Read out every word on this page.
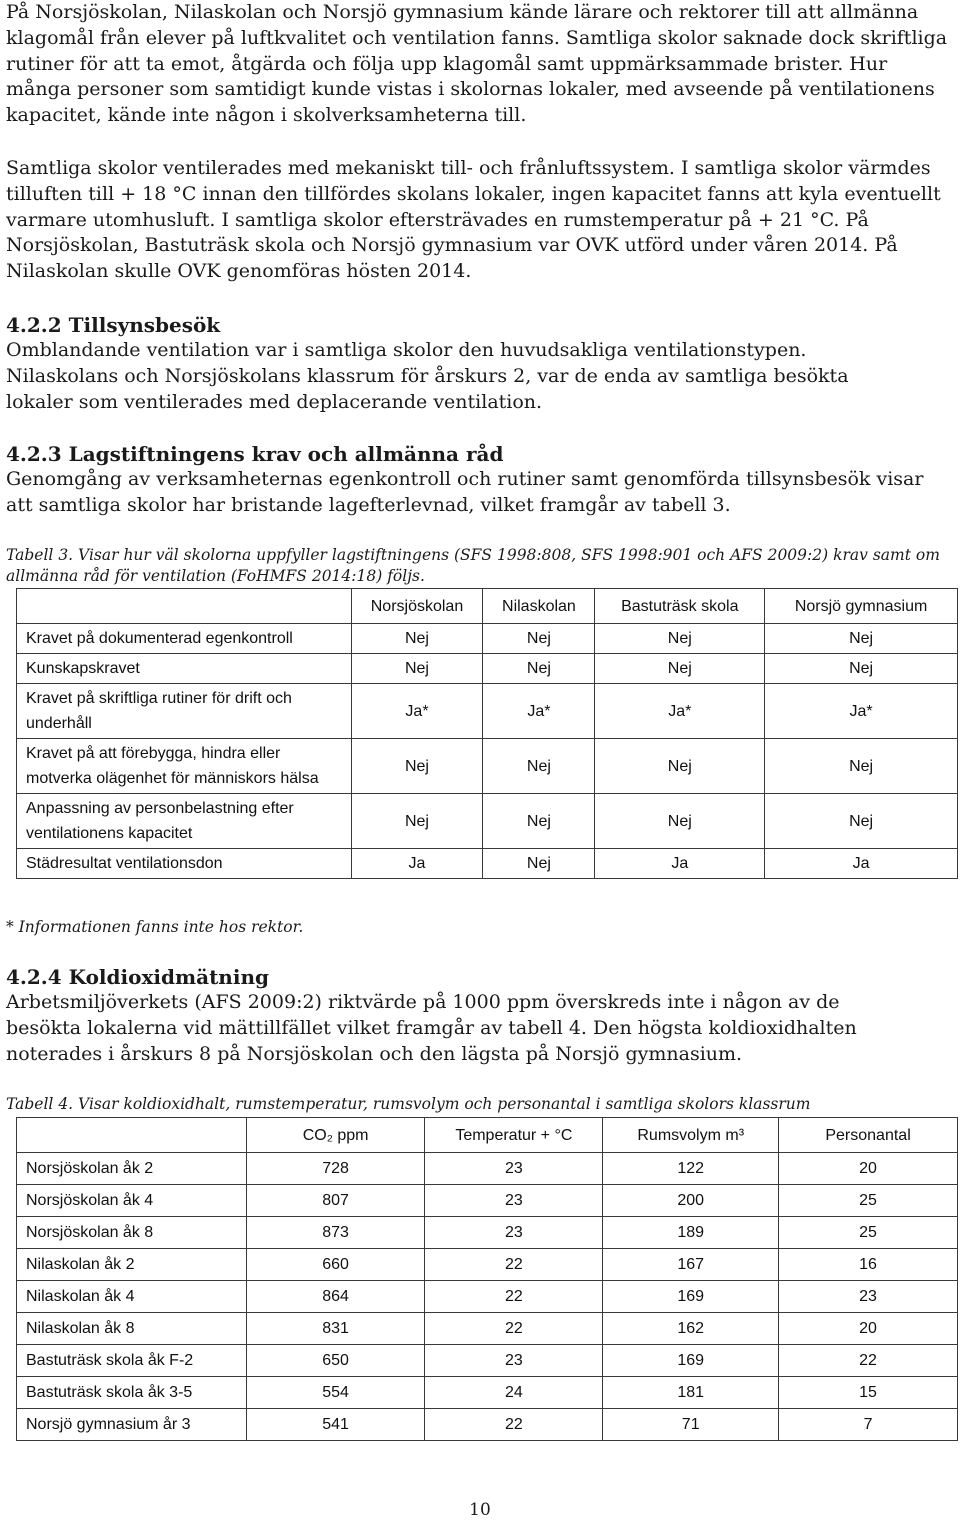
På Norsjöskolan, Nilaskolan och Norsjö gymnasium kände lärare och rektorer till att allmänna klagomål från elever på luftkvalitet och ventilation fanns. Samtliga skolor saknade dock skriftliga rutiner för att ta emot, åtgärda och följa upp klagomål samt uppmärksammade brister. Hur många personer som samtidigt kunde vistas i skolornas lokaler, med avseende på ventilationens kapacitet, kände inte någon i skolverksamheterna till.

Samtliga skolor ventilerades med mekaniskt till- och frånluftssystem. I samtliga skolor värmdes tilluften till + 18 °C innan den tillfördes skolans lokaler, ingen kapacitet fanns att kyla eventuellt varmare utomhusluft. I samtliga skolor eftersträvades en rumstemperatur på + 21 °C. På Norsjöskolan, Bastuträsk skola och Norsjö gymnasium var OVK utförd under våren 2014. På Nilaskolan skulle OVK genomföras hösten 2014.

4.2.2 Tillsynsbesök

Omblandande ventilation var i samtliga skolor den huvudsakliga ventilationstypen. Nilaskolans och Norsjöskolans klassrum för årskurs 2, var de enda av samtliga besökta lokaler som ventilerades med deplacerande ventilation.

4.2.3 Lagstiftningens krav och allmänna råd

Genomgång av verksamheternas egenkontroll och rutiner samt genomförda tillsynsbesök visar att samtliga skolor har bristande lagefterlevnad, vilket framgår av tabell 3.

Tabell 3. Visar hur väl skolorna uppfyller lagstiftningens (SFS 1998:808, SFS 1998:901 och AFS 2009:2) krav samt om allmänna råd för ventilation (FoHMFS 2014:18) följs.

	Norsjöskolan	Nilaskolan	Bastuträsk skola	Norsjö gymnasium
Kravet på dokumenterad egenkontroll	Nej	Nej	Nej	Nej
Kunskapskravet	Nej	Nej	Nej	Nej
Kravet på skriftliga rutiner för drift och underhåll	Ja*	Ja*	Ja*	Ja*
Kravet på att förebygga, hindra eller motverka olägenhet för människors hälsa	Nej	Nej	Nej	Nej
Anpassning av personbelastning efter ventilationens kapacitet	Nej	Nej	Nej	Nej
Städresultat ventilationsdon	Ja	Nej	Ja	Ja

* Informationen fanns inte hos rektor.

4.2.4 Koldioxidmätning

Arbetsmiljöverkets (AFS 2009:2) riktvärde på 1000 ppm överskreds inte i någon av de besökta lokalerna vid mättillfället vilket framgår av tabell 4. Den högsta koldioxidhalten noterades i årskurs 8 på Norsjöskolan och den lägsta på Norsjö gymnasium.

Tabell 4. Visar koldioxidhalt, rumstemperatur, rumsvolym och personantal i samtliga skolors klassrum

	CO₂ ppm	Temperatur + °C	Rumsvolym m³	Personantal
Norsjöskolan åk 2	728	23	122	20
Norsjöskolan åk 4	807	23	200	25
Norsjöskolan åk 8	873	23	189	25
Nilaskolan åk 2	660	22	167	16
Nilaskolan åk 4	864	22	169	23
Nilaskolan åk 8	831	22	162	20
Bastuträsk skola åk F-2	650	23	169	22
Bastuträsk skola åk 3-5	554	24	181	15
Norsjö gymnasium år 3	541	22	71	7
10
